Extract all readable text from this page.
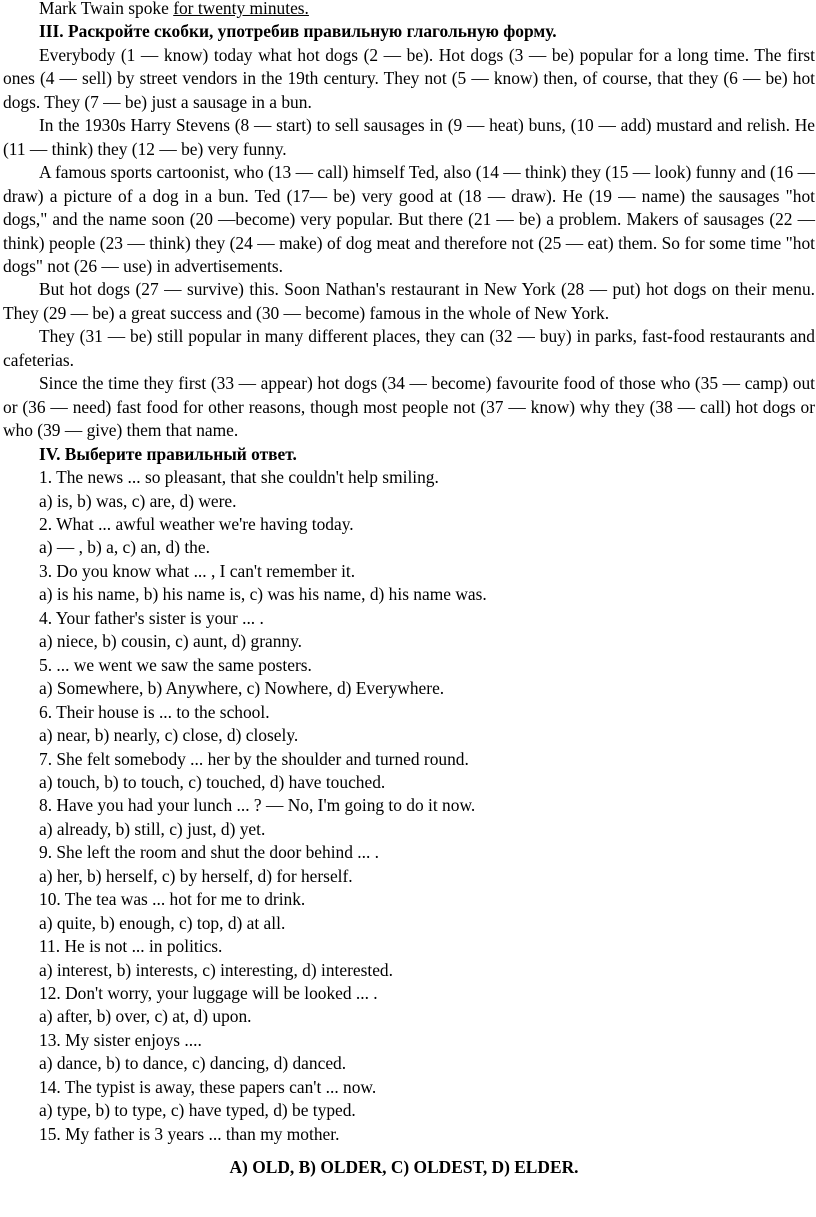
Mark Twain spoke for twenty minutes.

III. Раскройте скобки, употребив правильную глагольную форму.

Everybody (1 — know) today what hot dogs (2 — be). Hot dogs (3 — be) popular for a long time. The first ones (4 — sell) by street vendors in the 19th century. They not (5 — know) then, of course, that they (6 — be) hot dogs. They (7 — be) just a sausage in a bun.

In the 1930s Harry Stevens (8 — start) to sell sausages in (9 — heat) buns, (10 — add) mustard and relish. He (11 — think) they (12 — be) very funny.

A famous sports cartoonist, who (13 — call) himself Ted, also (14 — think) they (15 — look) funny and (16 — draw) a picture of a dog in a bun. Ted (17— be) very good at (18 — draw). He (19 — name) the sausages "hot dogs," and the name soon (20 —become) very popular. But there (21 — be) a problem. Makers of sausages (22 — think) people (23 — think) they (24 — make) of dog meat and therefore not (25 — eat) them. So for some time "hot dogs" not (26 — use) in advertisements.

But hot dogs (27 — survive) this. Soon Nathan's restaurant in New York (28 — put) hot dogs on their menu. They (29 — be) a great success and (30 — become) famous in the whole of New York.

They (31 — be) still popular in many different places, they can (32 — buy) in parks, fast-food restaurants and cafeterias.

Since the time they first (33 — appear) hot dogs (34 — become) favourite food of those who (35 — camp) out or (36 — need) fast food for other reasons, though most people not (37 — know) why they (38 — call) hot dogs or who (39 — give) them that name.

IV. Выберите правильный ответ.

1. The news ... so pleasant, that she couldn't help smiling.

a) is, b) was, c) are, d) were.

2. What ... awful weather we're having today.

a) — , b) a, c) an, d) the.

3. Do you know what ... , I can't remember it.

a) is his name, b) his name is, c) was his name, d) his name was.

4. Your father's sister is your ... .

a) niece, b) cousin, c) aunt, d) granny.

5. ... we went we saw the same posters.

a) Somewhere, b) Anywhere, c) Nowhere, d) Everywhere.

6. Their house is ... to the school.

a) near, b) nearly, c) close, d) closely.

7. She felt somebody ... her by the shoulder and turned round.

a) touch, b) to touch, c) touched, d) have touched.

8. Have you had your lunch ... ? — No, I'm going to do it now.

a) already, b) still, c) just, d) yet.

9. She left the room and shut the door behind ... .

a) her, b) herself, c) by herself, d) for herself.

10. The tea was ... hot for me to drink.

a) quite, b) enough, c) top, d) at all.

11. He is not ... in politics.

a) interest, b) interests, c) interesting, d) interested.

12. Don't worry, your luggage will be looked ... .

a) after, b) over, c) at, d) upon.

13. My sister enjoys ....

a) dance, b) to dance, c) dancing, d) danced.

14. The typist is away, these papers can't ... now.

a) type, b) to type, c) have typed, d) be typed.

15. My father is 3 years ... than my mother.

A) OLD, B) OLDER, C) OLDEST, D) ELDER.
